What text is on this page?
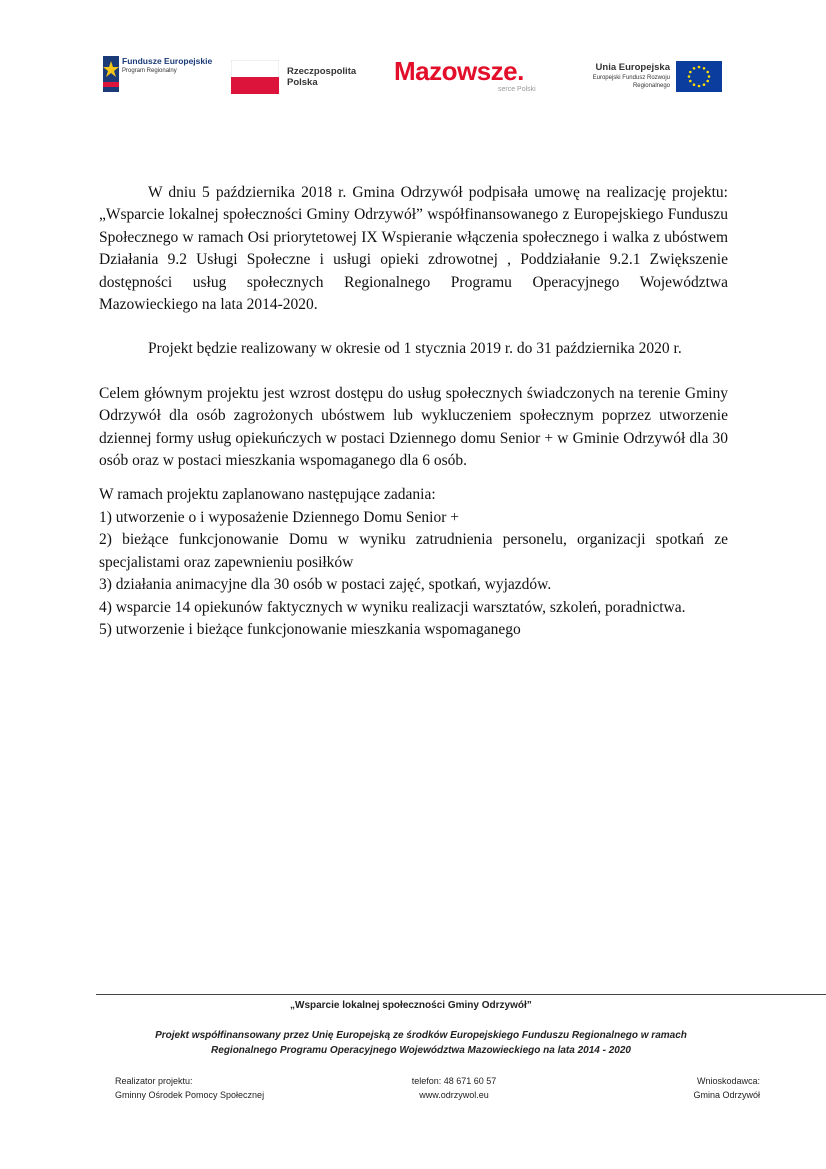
Fundusze Europejskie
Program Regionalny	Rzeczpospolita Polska	Mazowsze.
serce Polski
Unia Europejska
Europejski Fundusz Rozwoju Regionalnego

W dniu 5 października 2018 r. Gmina Odrzywół podpisała umowę na realizację projektu: „Wsparcie lokalnej społeczności Gminy Odrzywół” współfinansowanego z Europejskiego Funduszu Społecznego w ramach Osi priorytetowej IX Wspieranie włączenia społecznego i walka z ubóstwem Działania 9.2 Usługi Społeczne i usługi opieki zdrowotnej , Poddziałanie 9.2.1 Zwiększenie dostępności usług społecznych Regionalnego Programu Operacyjnego Województwa Mazowieckiego na lata 2014-2020.

Projekt będzie realizowany w okresie od 1 stycznia 2019 r. do 31 października 2020 r.

Celem głównym projektu jest wzrost dostępu do usług społecznych świadczonych na terenie Gminy Odrzywół dla osób zagrożonych ubóstwem lub wykluczeniem społecznym poprzez utworzenie dziennej formy usług opiekuńczych w postaci Dziennego domu Senior + w Gminie Odrzywół dla 30 osób oraz w postaci mieszkania wspomaganego dla 6 osób.

W ramach projektu zaplanowano następujące zadania:

1) utworzenie o i wyposażenie Dziennego Domu Senior +

2) bieżące funkcjonowanie Domu w wyniku zatrudnienia personelu, organizacji spotkań ze specjalistami oraz zapewnieniu posiłków

3) działania animacyjne dla 30 osób w postaci zajęć, spotkań, wyjazdów.

4) wsparcie 14 opiekunów faktycznych w wyniku realizacji warsztatów, szkoleń, poradnictwa.

5) utworzenie i bieżące funkcjonowanie mieszkania wspomaganego

„Wsparcie lokalnej społeczności Gminy Odrzywół”
Projekt współfinansowany przez Unię Europejską ze środków Europejskiego Funduszu Regionalnego w ramach
Regionalnego Programu Operacyjnego Województwa Mazowieckiego na lata 2014 - 2020
Realizator projektu:
Gminny Ośrodek Pomocy Społecznej
telefon: 48 671 60 57
www.odrzywol.eu
Wnioskodawca:
Gmina Odrzywół
